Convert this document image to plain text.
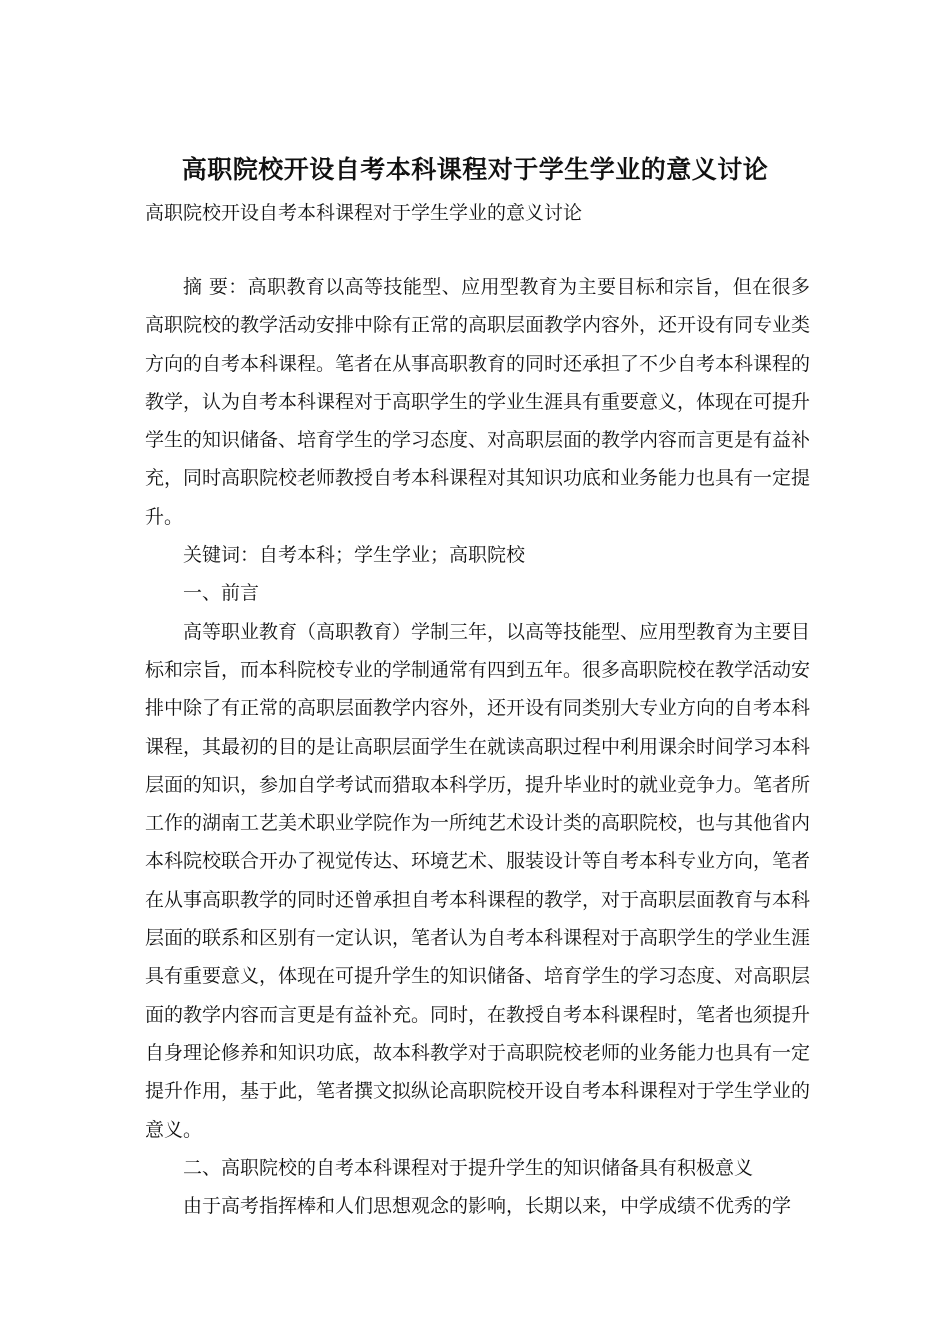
高职院校开设自考本科课程对于学生学业的意义讨论

高职院校开设自考本科课程对于学生学业的意义讨论

摘 要：高职教育以高等技能型、应用型教育为主要目标和宗旨，但在很多高职院校的教学活动安排中除有正常的高职层面教学内容外，还开设有同专业类方向的自考本科课程。笔者在从事高职教育的同时还承担了不少自考本科课程的教学，认为自考本科课程对于高职学生的学业生涯具有重要意义，体现在可提升学生的知识储备、培育学生的学习态度、对高职层面的教学内容而言更是有益补充，同时高职院校老师教授自考本科课程对其知识功底和业务能力也具有一定提升。

关键词：自考本科；学生学业；高职院校

一、前言

高等职业教育（高职教育）学制三年，以高等技能型、应用型教育为主要目标和宗旨，而本科院校专业的学制通常有四到五年。很多高职院校在教学活动安排中除了有正常的高职层面教学内容外，还开设有同类别大专业方向的自考本科课程，其最初的目的是让高职层面学生在就读高职过程中利用课余时间学习本科层面的知识，参加自学考试而猎取本科学历，提升毕业时的就业竞争力。笔者所工作的湖南工艺美术职业学院作为一所纯艺术设计类的高职院校，也与其他省内本科院校联合开办了视觉传达、环境艺术、服装设计等自考本科专业方向，笔者在从事高职教学的同时还曾承担自考本科课程的教学，对于高职层面教育与本科层面的联系和区别有一定认识，笔者认为自考本科课程对于高职学生的学业生涯具有重要意义，体现在可提升学生的知识储备、培育学生的学习态度、对高职层面的教学内容而言更是有益补充。同时，在教授自考本科课程时，笔者也须提升自身理论修养和知识功底，故本科教学对于高职院校老师的业务能力也具有一定提升作用，基于此，笔者撰文拟纵论高职院校开设自考本科课程对于学生学业的意义。

二、高职院校的自考本科课程对于提升学生的知识储备具有积极意义

由于高考指挥棒和人们思想观念的影响，长期以来，中学成绩不优秀的学
